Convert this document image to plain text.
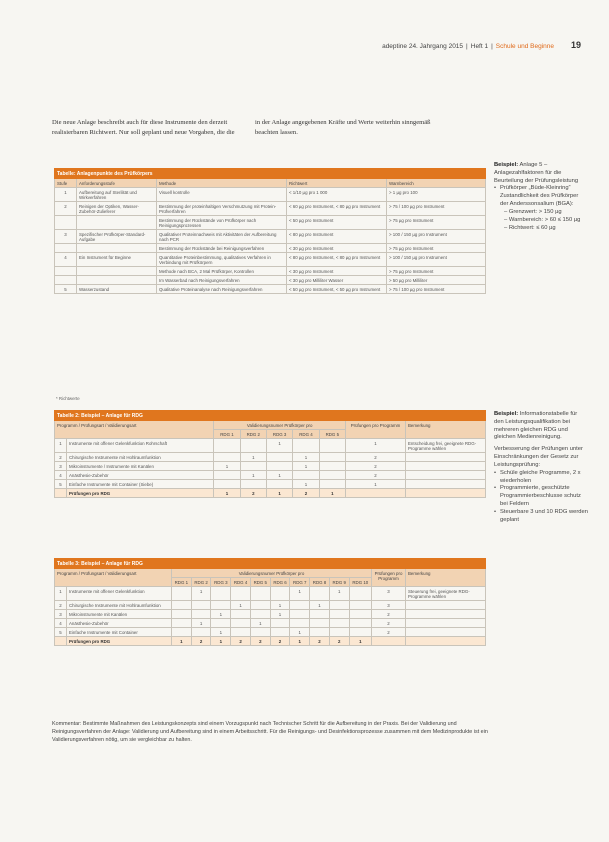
adeptine 24. Jahrgang 2015 | Heft 1 | Schule und Beginne 19
Die neue Anlage beschreibt auch für diese Instrumente den derzeit realisierbaren Richtwert. Nur soll geplant und neue Vorgaben, die die in der Anlage angegebenen Kräfte und Werte weiterhin sinngemäß beachten lassen.
Beispiel: Anlage 5 – Anlagezahlfaktoren für die Beurteilung der Prüfungsleistung
• Prüfkörper „Büde-Kleinring“ Zustandlichkeit des Prüfkörper der Anderssonsalium (BGA):
– Grenzwert: > 150 µg
– Warnbereich: > 60 ≤ 150 µg
– Richtwert: ≤ 60 µg
Beispiel: Informationstabelle für den Leistungsqualifikation bei mehreren gleichen RDG und gleichen Medienreinigung.

Verbesserung der Prüfungen unter Einschränkungen der Gesetz zur Leistungsprüfung:

• Schüle gleiche Programme, 2 x wiederholen
• Programmierte, geschützte Programmierbeschlusse schutz bei Feldern
• Steuerbare 3 und 10 RDG werden geplant
Tabelle: Anlagenpunkte des Prüfkörpers				
Stufe	Anforderungsstufe	Methode	Richtwert	Warnbereich
1	Aufbereitung auf Sterilität und Wirkverfahren	Visuell kontrolle	< 1/10 µg pro 1 000	> 1 µg pro 100
2	Reinigen der Optiken, Wasser-Zubehör-Zulieferer	Bestimmung der proteinhaltigen Verschmutzung mit Protein-Prüfverfahren	< 60 µg pro Instrument, < 80 µg pro Instrument	> 75 / 100 µg pro Instrument
		Bestimmung der Rückstände von Prüfkörper nach Reinigungsprozessen	< 50 µg pro Instrument	> 75 µg pro Instrument
3	Spezifischer Prüfkörper-Standard-Aufgabe	Qualitativer Proteinnachweis mit Aktivitäten der Aufbereitung nach PCR	< 80 µg pro Instrument	> 100 / 150 µg pro Instrument
		Bestimmung der Rückstände bei Reinigungsverfahren	< 30 µg pro Instrument	> 75 µg pro Instrument
4	Ein Instrument für Beginne	Quantitative Proteinbestimmung, qualitatives Verfahren in Verbindung mit Prüfkörpern	< 80 µg pro Instrument, < 80 µg pro Instrument	> 100 / 150 µg pro Instrument
		Methode nach BCA, 2 Mal Prüfkörper, Kontrollen	< 30 µg pro Instrument	> 75 µg pro Instrument
		Im Wasserbad nach Reinigungsverfahren	< 30 µg pro Milliliter Wasser	> 50 µg pro Milliliter
5	Wasserzustand	Qualitative Proteinanalyse nach Reinigungsverfahren	< 50 µg pro Instrument, < 50 µg pro Instrument	> 75 / 100 µg pro Instrument
* Richtwerte
Tabelle 2: Beispiel – Anlage für RDG								
Programm / Prüfungsart / Validierungsart		Validierungsnumer Prüfkörper pro					Prüfungen pro Programm	Bemerkung
		RDG 1	RDG 2	RDG 3	RDG 4	RDG 5		
1	Instrumente mit offener Gelenkfunktion Rohrschaft			1			1	Entscheidung frei, geeignete RDG-Programme wählen
2	Chirurgische Instrumente mit Hohlraumfunktion		1		1		2	
3	Mikroinstrumente / Instrumente mit Kanälen	1			1		2	
4	Anästhesie-Zubehör		1	1			2	
5	Einfache Instrumente mit Container (Siebe)				1		1	
	Prüfungen pro RDG	1	2	1	2	1		
Tabelle 3: Beispiel – Anlage für RDG													
Programm / Prüfungsart / Validierungsart		Validierungsnumer Prüfkörper pro										Prüfungen pro Programm	Bemerkung
		RDG 1	RDG 2	RDG 3	RDG 4	RDG 5	RDG 6	RDG 7	RDG 8	RDG 9	RDG 10		
1	Instrumente mit offener Gelenkfunktion		1					1		1		3	Steuerung frei, geeignete RDG-Programme wählen
2	Chirurgische Instrumente mit Hohlraumfunktion				1		1		1			3	
3	Mikroinstrumente mit Kanälen			1			1					2	
4	Anästhesie-Zubehör		1			1						2	
5	Einfache Instrumente mit Container			1				1				2	
	Prüfungen pro RDG	1	2	1	2	2	2	1	2	2	1		
Kommentar: Bestimmte Maßnahmen des Leistungskonzepts sind einem Vorzugspunkt nach Technischer Schritt für die Aufbereitung in der Praxis. Bei der Validierung und Reinigungsverfahren der Anlage: Validierung und Aufbereitung sind in einem Arbeitsschritt. Für die Reinigungs- und Desinfektionsprozesse zusammen mit dem Medizinprodukte ist ein Validierungsverfahren nötig, um sie vergleichbar zu halten.
